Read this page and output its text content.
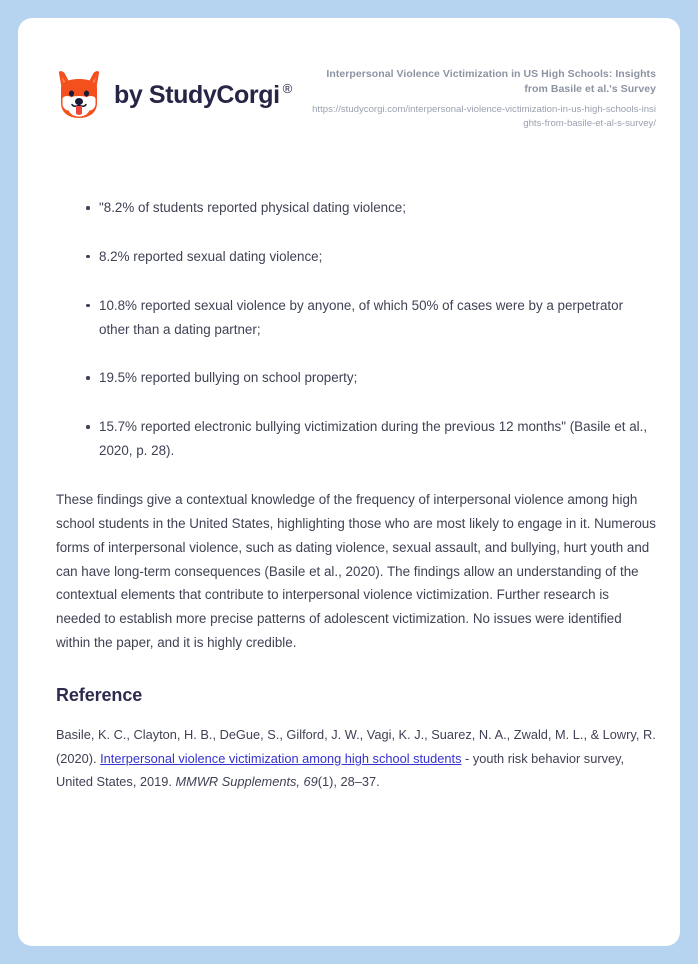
by StudyCorgi ®
Interpersonal Violence Victimization in US High Schools: Insights from Basile et al.'s Survey
https://studycorgi.com/interpersonal-violence-victimization-in-us-high-schools-insights-from-basile-et-al-s-survey/
"8.2% of students reported physical dating violence;
8.2% reported sexual dating violence;
10.8% reported sexual violence by anyone, of which 50% of cases were by a perpetrator other than a dating partner;
19.5% reported bullying on school property;
15.7% reported electronic bullying victimization during the previous 12 months" (Basile et al., 2020, p. 28).

These findings give a contextual knowledge of the frequency of interpersonal violence among high school students in the United States, highlighting those who are most likely to engage in it. Numerous forms of interpersonal violence, such as dating violence, sexual assault, and bullying, hurt youth and can have long-term consequences (Basile et al., 2020). The findings allow an understanding of the contextual elements that contribute to interpersonal violence victimization. Further research is needed to establish more precise patterns of adolescent victimization. No issues were identified within the paper, and it is highly credible.

Reference

Basile, K. C., Clayton, H. B., DeGue, S., Gilford, J. W., Vagi, K. J., Suarez, N. A., Zwald, M. L., & Lowry, R. (2020). Interpersonal violence victimization among high school students - youth risk behavior survey, United States, 2019. MMWR Supplements, 69(1), 28–37.
